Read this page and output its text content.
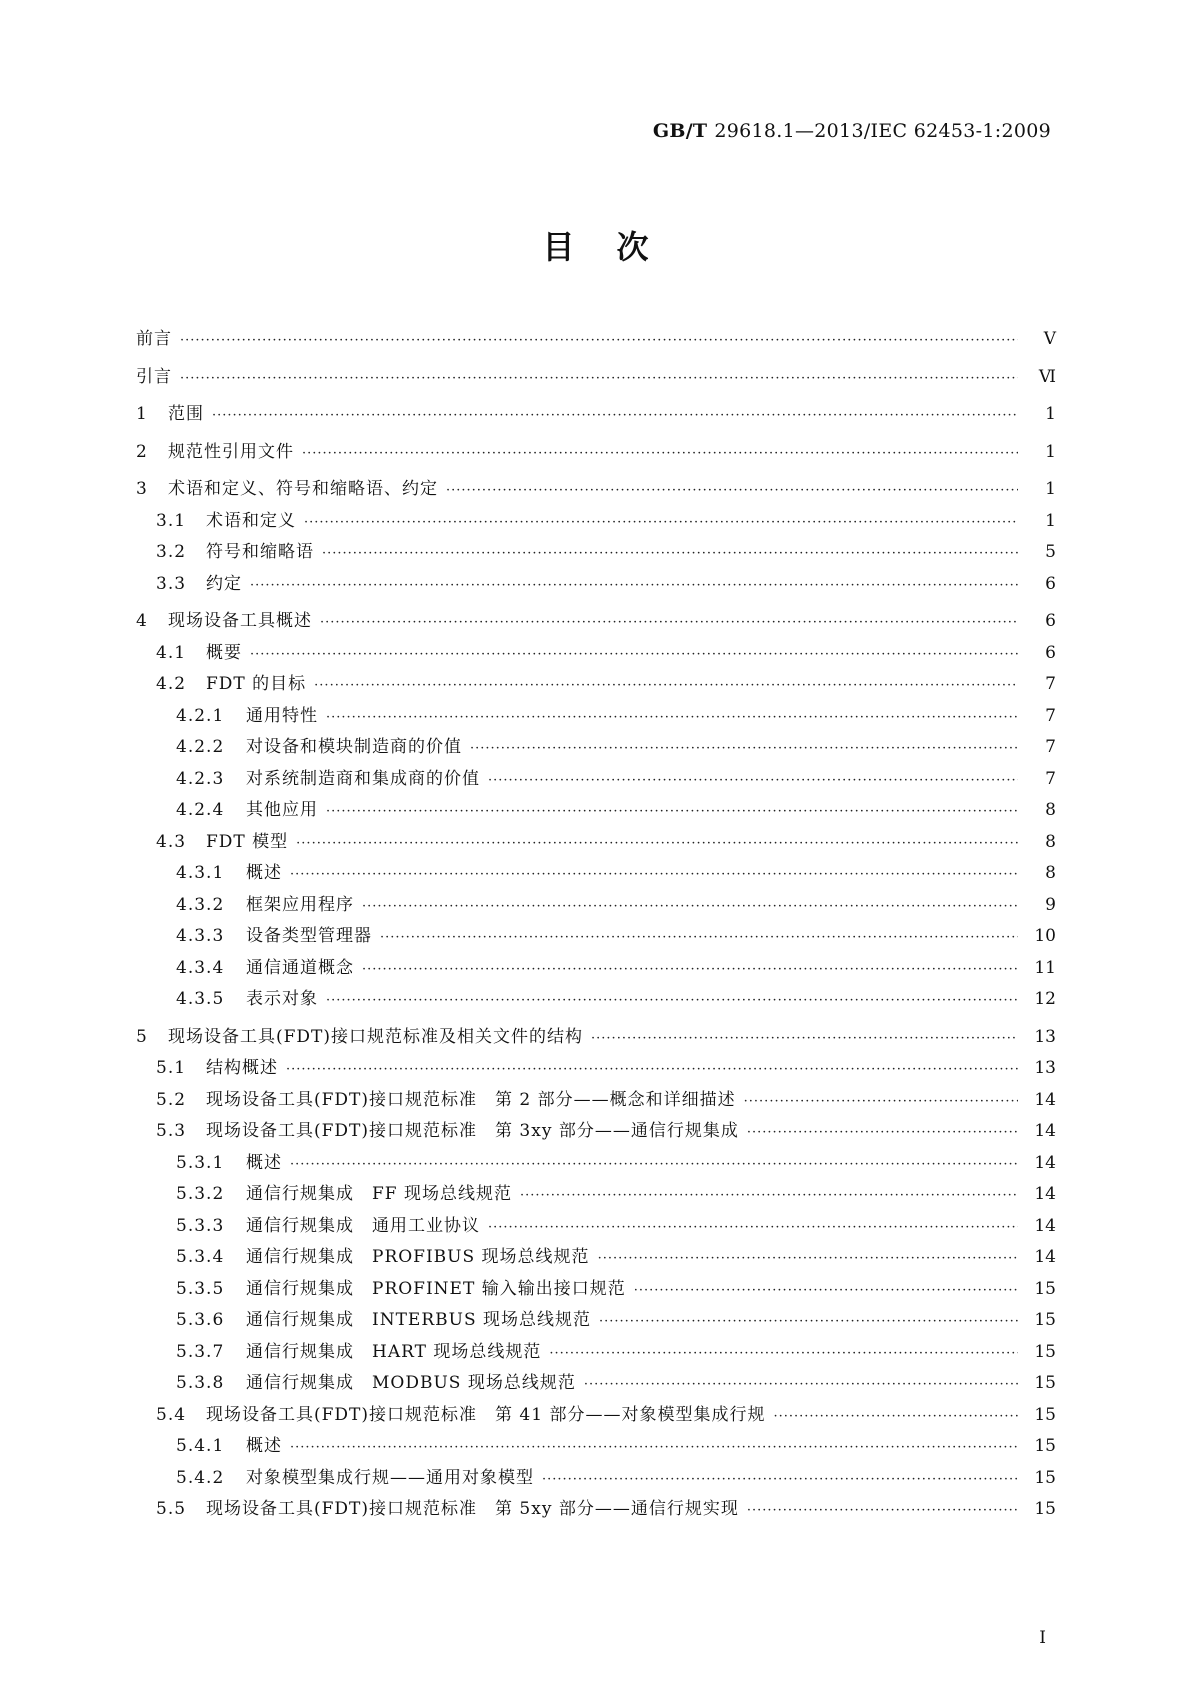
GB/T 29618.1—2013/IEC 62453-1:2009
目次
前言 ·····	Ⅴ
引言 ·····	Ⅵ
1	范围 ·····	1
2	规范性引用文件 ·····	1
3	术语和定义、符号和缩略语、约定 ·····	1
3.1	术语和定义 ·····	1
3.2	符号和缩略语 ·····	5
3.3	约定 ·····	6
4	现场设备工具概述 ·····	6
4.1	概要 ·····	6
4.2	FDT 的目标 ·····	7
4.2.1	通用特性 ·····	7
4.2.2	对设备和模块制造商的价值 ·····	7
4.2.3	对系统制造商和集成商的价值 ·····	7
4.2.4	其他应用 ·····	8
4.3	FDT 模型 ·····	8
4.3.1	概述 ·····	8
4.3.2	框架应用程序 ·····	9
4.3.3	设备类型管理器 ·····	10
4.3.4	通信通道概念 ·····	11
4.3.5	表示对象 ·····	12
5	现场设备工具(FDT)接口规范标准及相关文件的结构 ·····	13
5.1	结构概述 ·····	13
5.2	现场设备工具(FDT)接口规范标准　第 2 部分——概念和详细描述 ·····	14
5.3	现场设备工具(FDT)接口规范标准　第 3xy 部分——通信行规集成 ·····	14
5.3.1	概述 ·····	14
5.3.2	通信行规集成　FF 现场总线规范 ·····	14
5.3.3	通信行规集成　通用工业协议 ·····	14
5.3.4	通信行规集成　PROFIBUS 现场总线规范 ·····	14
5.3.5	通信行规集成　PROFINET 输入输出接口规范 ·····	15
5.3.6	通信行规集成　INTERBUS 现场总线规范 ·····	15
5.3.7	通信行规集成　HART 现场总线规范 ·····	15
5.3.8	通信行规集成　MODBUS 现场总线规范 ·····	15
5.4	现场设备工具(FDT)接口规范标准　第 41 部分——对象模型集成行规 ·····	15
5.4.1	概述 ·····	15
5.4.2	对象模型集成行规——通用对象模型 ·····	15
5.5	现场设备工具(FDT)接口规范标准　第 5xy 部分——通信行规实现 ·····	15
I
